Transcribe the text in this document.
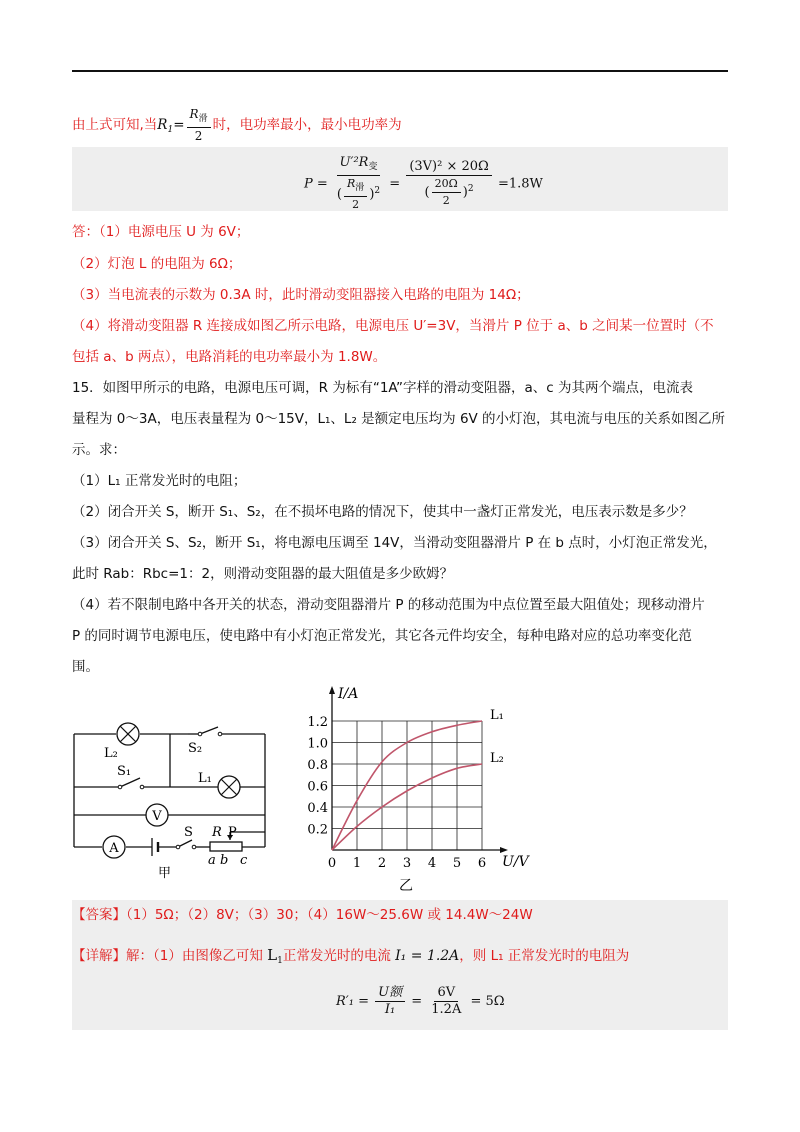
由上式可知,当$R_1= \frac{R_滑}{2}$ 时，电功率最小，最小电功率为
$P = \frac{U'^2R_变}{( \frac{R_滑}{2} )^2} = \frac{\text{(3V)² × 20Ω}}{( \frac{20\Omega}{2} )^2} =1.8W$
答：（1）电源电压 U 为 6V；
（2）灯泡 L 的电阻为 6Ω；
（3）当电流表的示数为 0.3A 时，此时滑动变阻器接入电路的电阻为 14Ω；
（4）将滑动变阻器 R 连接成如图乙所示电路，电源电压 U′=3V，当滑片 P 位于 a、b 之间某一位置时（不
包括 a、b 两点），电路消耗的电功率最小为 1.8W。
15．如图甲所示的电路，电源电压可调，R 为标有“1A”字样的滑动变阻器，a、c 为其两个端点，电流表
量程为 0～3A，电压表量程为 0～15V，L₁、L₂ 是额定电压均为 6V 的小灯泡，其电流与电压的关系如图乙所
示。求：
（1）L₁ 正常发光时的电阻；
（2）闭合开关 S，断开 S₁、S₂，在不损坏电路的情况下，使其中一盏灯正常发光，电压表示数是多少？
（3）闭合开关 S、S₂，断开 S₁，将电源电压调至 14V，当滑动变阻器滑片 P 在 b 点时，小灯泡正常发光，
此时 Rab：Rbc=1：2，则滑动变阻器的最大阻值是多少欧姆？
（4）若不限制电路中各开关的状态，滑动变阻器滑片 P 的移动范围为中点位置至最大阻值处；现移动滑片
P 的同时调节电源电压，使电路中有小灯泡正常发光，其它各元件均安全，每种电路对应的总功率变化范
围。
V
A
L₂	S₂
S₁	L₁
S R P
a b c
甲
0 1 2 3 4 5 6
0.2
0.4
0.6
0.8
1.0
1.2	L₁
L₂
I/A
U/V
乙
【答案】（1）5Ω；（2）8V；（3）30；（4）16W～25.6W 或 14.4W～24W
【详解】解：（1）由图像乙可知 $L_1$正常发光时的电流 I₁ = 1.2A，则 L₁ 正常发光时的电阻为
$R'_1 = \frac{\text{U额}}{\text{I₁}} = \frac{6V}{1.2A} = 5\Omega$
